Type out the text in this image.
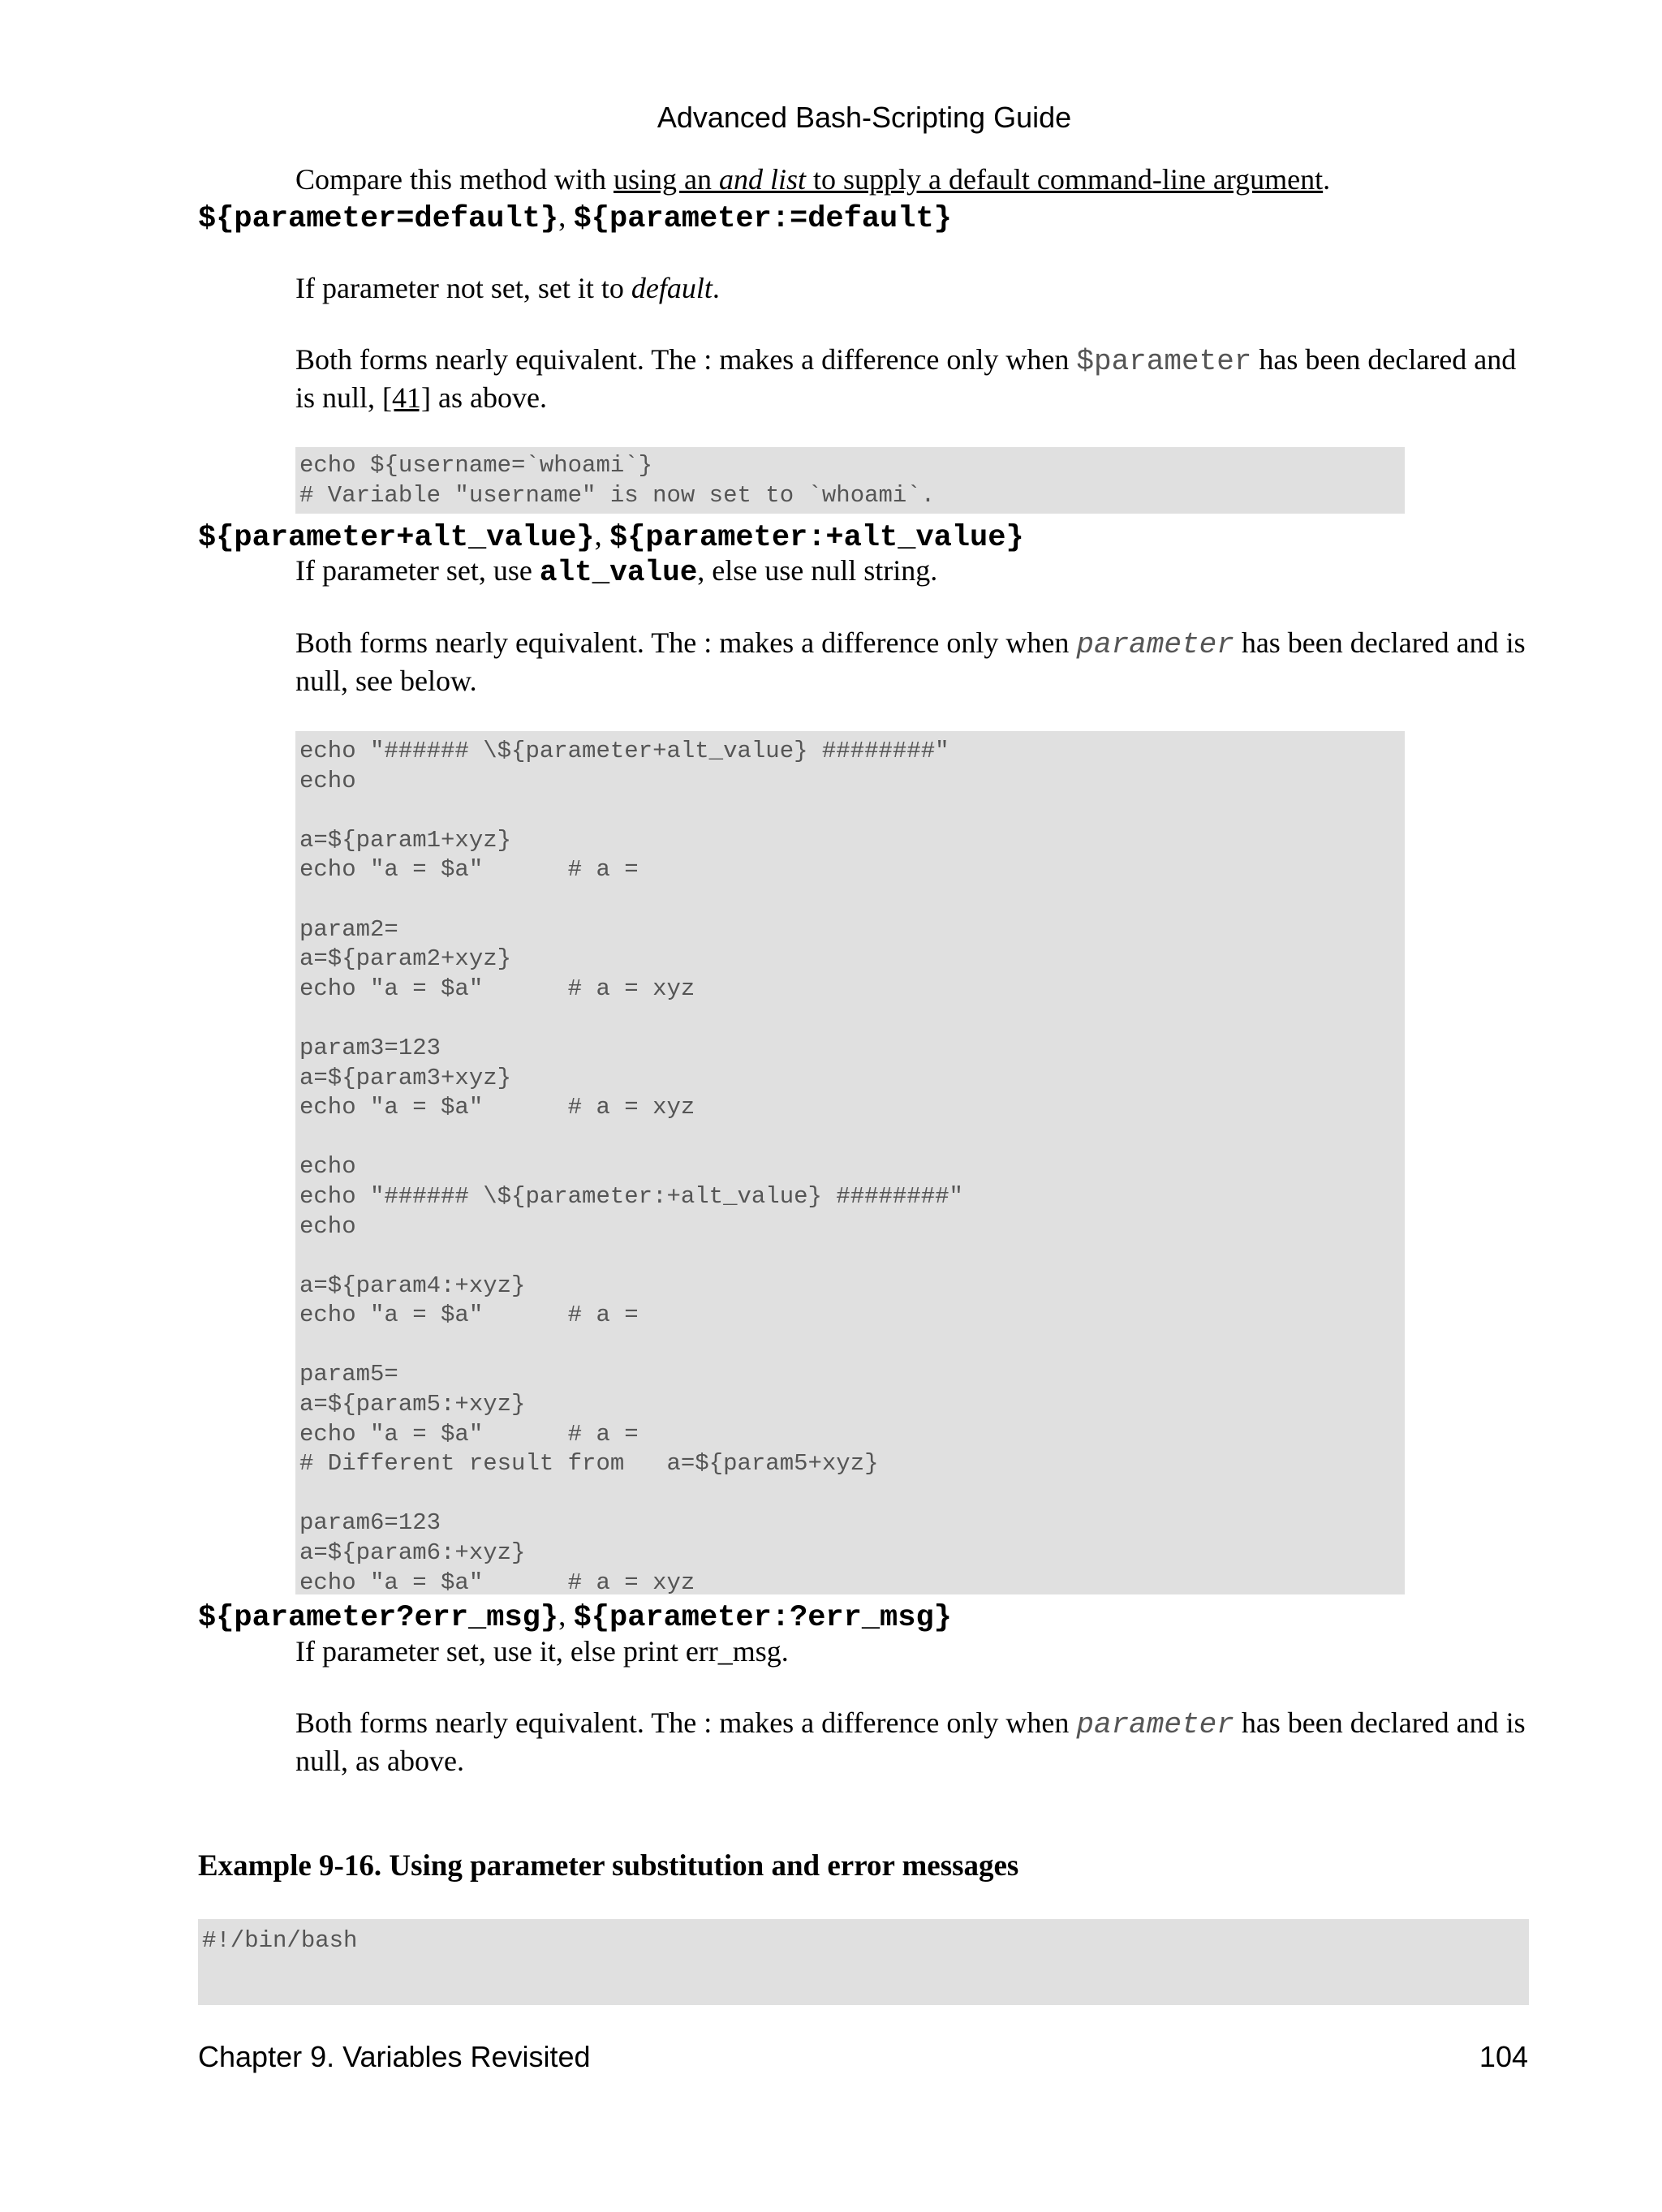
Advanced Bash-Scripting Guide
Compare this method with using an and list to supply a default command-line argument.
${parameter=default}, ${parameter:=default}
If parameter not set, set it to default.
Both forms nearly equivalent. The : makes a difference only when $parameter has been declared and is null, [41] as above.
echo ${username=`whoami`}
# Variable "username" is now set to `whoami`.
${parameter+alt_value}, ${parameter:+alt_value}
If parameter set, use alt_value, else use null string.
Both forms nearly equivalent. The : makes a difference only when parameter has been declared and is null, see below.
echo "###### \${parameter+alt_value} ########"
echo

a=${param1+xyz}
echo "a = $a"      # a =

param2=
a=${param2+xyz}
echo "a = $a"      # a = xyz

param3=123
a=${param3+xyz}
echo "a = $a"      # a = xyz

echo
echo "###### \${parameter:+alt_value} ########"
echo

a=${param4:+xyz}
echo "a = $a"      # a =

param5=
a=${param5:+xyz}
echo "a = $a"      # a =
# Different result from   a=${param5+xyz}

param6=123
a=${param6:+xyz}
echo "a = $a"      # a = xyz
${parameter?err_msg}, ${parameter:?err_msg}
If parameter set, use it, else print err_msg.
Both forms nearly equivalent. The : makes a difference only when parameter has been declared and is null, as above.
Example 9-16. Using parameter substitution and error messages
#!/bin/bash
Chapter 9. Variables Revisited	104
